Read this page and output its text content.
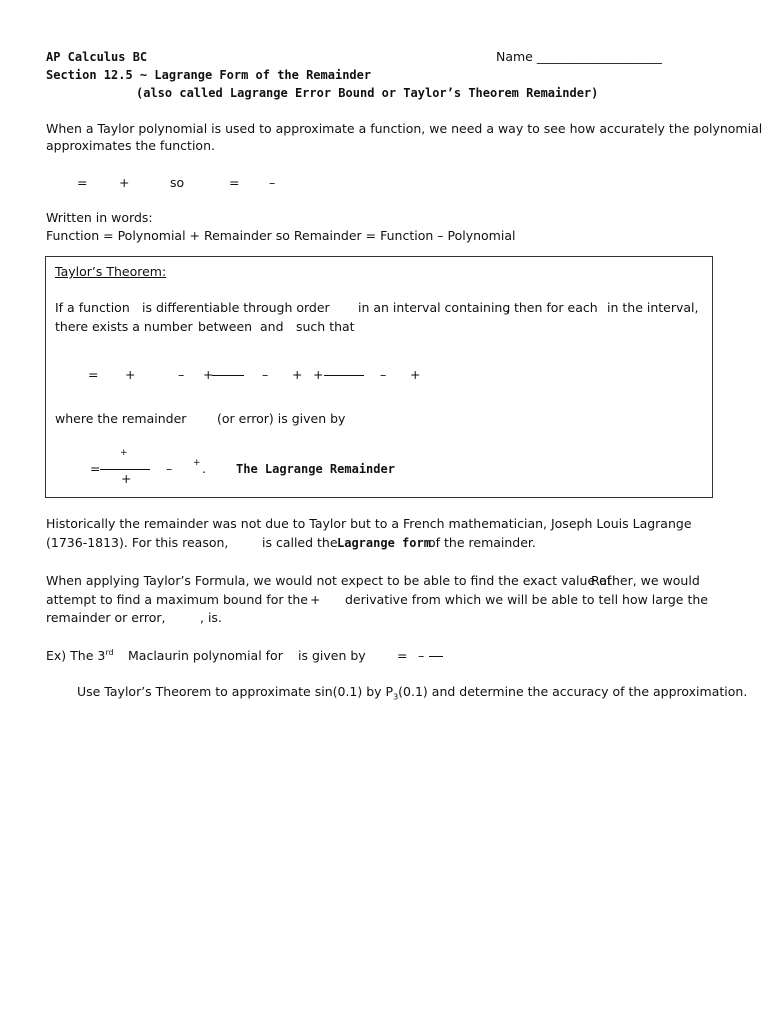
AP Calculus BC	Name ____________________
Section 12.5 ~ Lagrange Form of the Remainder
(also called Lagrange Error Bound or Taylor’s Theorem Remainder)
When a Taylor polynomial is used to approximate a function, we need a way to see how accurately the polynomial
approximates the function.
=	+	so	= –
Written in words:
Function = Polynomial + Remainder so Remainder = Function – Polynomial
Taylor’s Theorem:
If a function is differentiable through order in an interval containing
, then for each in the interval,
there exists a number between and such that
= +	– +	– + +	– +
where the remainder (or error) is given by
+
=
+
– + .	The Lagrange Remainder
Historically the remainder was not due to Taylor but to a French mathematician, Joseph Louis Lagrange
(1736-1813). For this reason,	is called the Lagrange form
of the remainder.
When applying Taylor’s Formula, we would not expect to be able to find the exact value of
Rather, we would
attempt to find a maximum bound for the + derivative from which we will be able to tell how large the
remainder or error,	, is.
Ex) The 3rd Maclaurin polynomial for is given by	= –
Use Taylor’s Theorem to approximate sin(0.1) by $P_3(0.1)$ and determine the accuracy of the approximation.
